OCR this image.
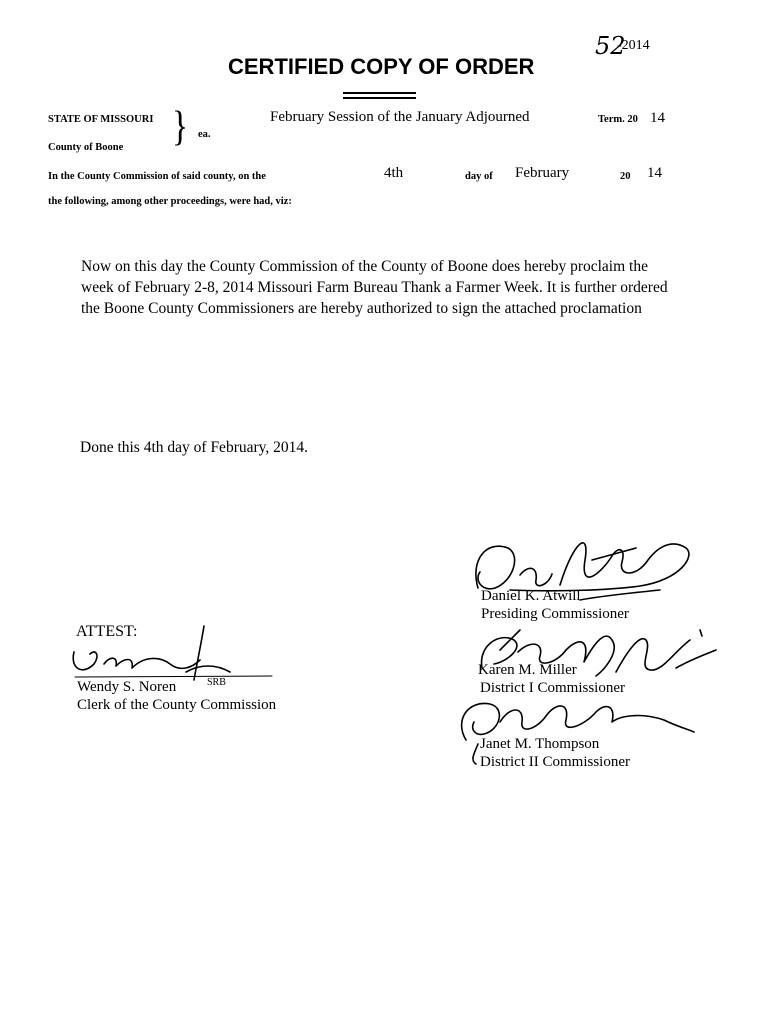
52
-2014
CERTIFIED COPY OF ORDER
STATE OF MISSOURI
County of Boone } ea.
February Session of the January Adjourned	Term. 20 14
In the County Commission of said county, on the	4th	day of February	20 14
the following, among other proceedings, were had, viz:
Now on this day the County Commission of the County of Boone does hereby proclaim the week of February 2-8, 2014 Missouri Farm Bureau Thank a Farmer Week. It is further ordered the Boone County Commissioners are hereby authorized to sign the attached proclamation
Done this 4th day of February, 2014.
ATTEST:
Wendy S. Noren	SRB
Clerk of the County Commission
Daniel K. Atwill
Presiding Commissioner
Karen M. Miller
District I Commissioner
Janet M. Thompson
District II Commissioner
